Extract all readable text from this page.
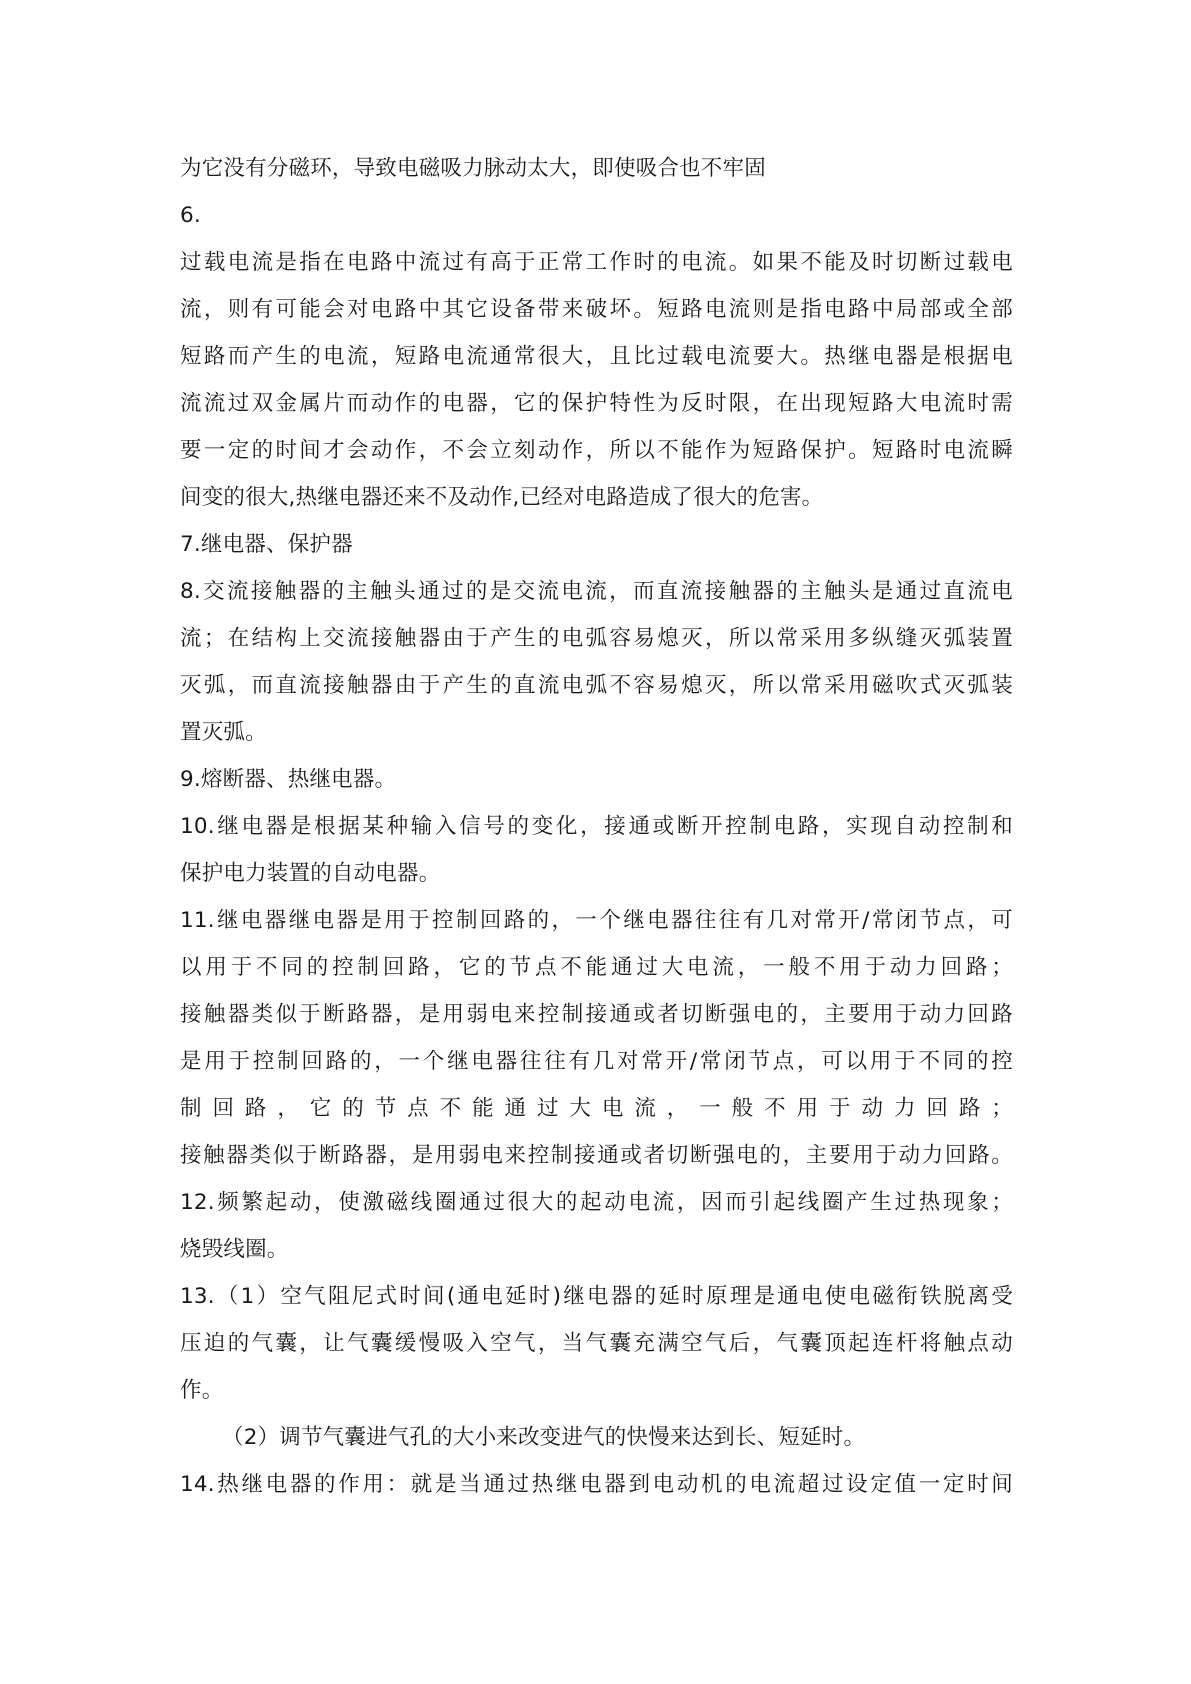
为它没有分磁环，导致电磁吸力脉动太大，即使吸合也不牢固
6.
过载电流是指在电路中流过有高于正常工作时的电流。如果不能及时切断过载电
流，则有可能会对电路中其它设备带来破坏。短路电流则是指电路中局部或全部
短路而产生的电流，短路电流通常很大，且比过载电流要大。热继电器是根据电
流流过双金属片而动作的电器，它的保护特性为反时限，在出现短路大电流时需
要一定的时间才会动作，不会立刻动作，所以不能作为短路保护。短路时电流瞬
间变的很大,热继电器还来不及动作,已经对电路造成了很大的危害。
7.继电器、保护器
8.交流接触器的主触头通过的是交流电流，而直流接触器的主触头是通过直流电
流；在结构上交流接触器由于产生的电弧容易熄灭，所以常采用多纵缝灭弧装置
灭弧，而直流接触器由于产生的直流电弧不容易熄灭，所以常采用磁吹式灭弧装
置灭弧。
9.熔断器、热继电器。
10.继电器是根据某种输入信号的变化，接通或断开控制电路，实现自动控制和
保护电力装置的自动电器。
11.继电器继电器是用于控制回路的，一个继电器往往有几对常开/常闭节点，可
以用于不同的控制回路，它的节点不能通过大电流，一般不用于动力回路；
接触器类似于断路器，是用弱电来控制接通或者切断强电的，主要用于动力回路
是用于控制回路的，一个继电器往往有几对常开/常闭节点，可以用于不同的控
制回路，它的节点不能通过大电流，一般不用于动力回路；
接触器类似于断路器，是用弱电来控制接通或者切断强电的，主要用于动力回路。
12.频繁起动，使激磁线圈通过很大的起动电流，因而引起线圈产生过热现象；
烧毁线圈。
13.（1）空气阻尼式时间(通电延时)继电器的延时原理是通电使电磁衔铁脱离受
压迫的气囊，让气囊缓慢吸入空气，当气囊充满空气后，气囊顶起连杆将触点动
作。
（2）调节气囊进气孔的大小来改变进气的快慢来达到长、短延时。
14.热继电器的作用：就是当通过热继电器到电动机的电流超过设定值一定时间
